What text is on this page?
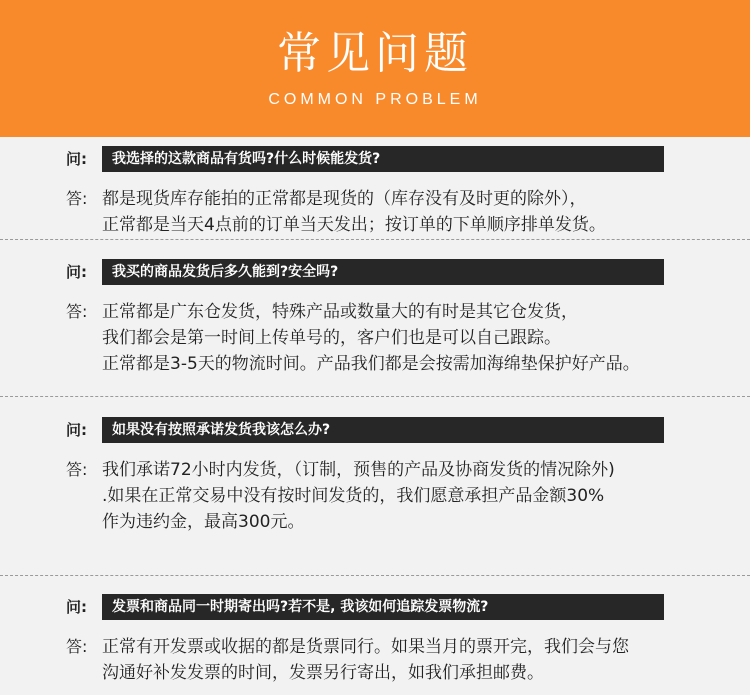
常见问题
COMMON PROBLEM
问:	我选择的这款商品有货吗?什么时候能发货?
答: 都是现货库存能拍的正常都是现货的（库存没有及时更的除外），
正常都是当天4点前的订单当天发出；按订单的下单顺序排单发货。
问:	我买的商品发货后多久能到?安全吗?
答: 正常都是广东仓发货，特殊产品或数量大的有时是其它仓发货，
我们都会是第一时间上传单号的，客户们也是可以自己跟踪。
正常都是3-5天的物流时间。产品我们都是会按需加海绵垫保护好产品。
问:	如果没有按照承诺发货我该怎么办?
答: 我们承诺72小时内发货，（订制，预售的产品及协商发货的情况除外)
.如果在正常交易中没有按时间发货的，我们愿意承担产品金额30%
作为违约金，最高300元。
问:	发票和商品同一时期寄出吗?若不是, 我该如何追踪发票物流?
答: 正常有开发票或收据的都是货票同行。如果当月的票开完，我们会与您
沟通好补发发票的时间，发票另行寄出，如我们承担邮费。
